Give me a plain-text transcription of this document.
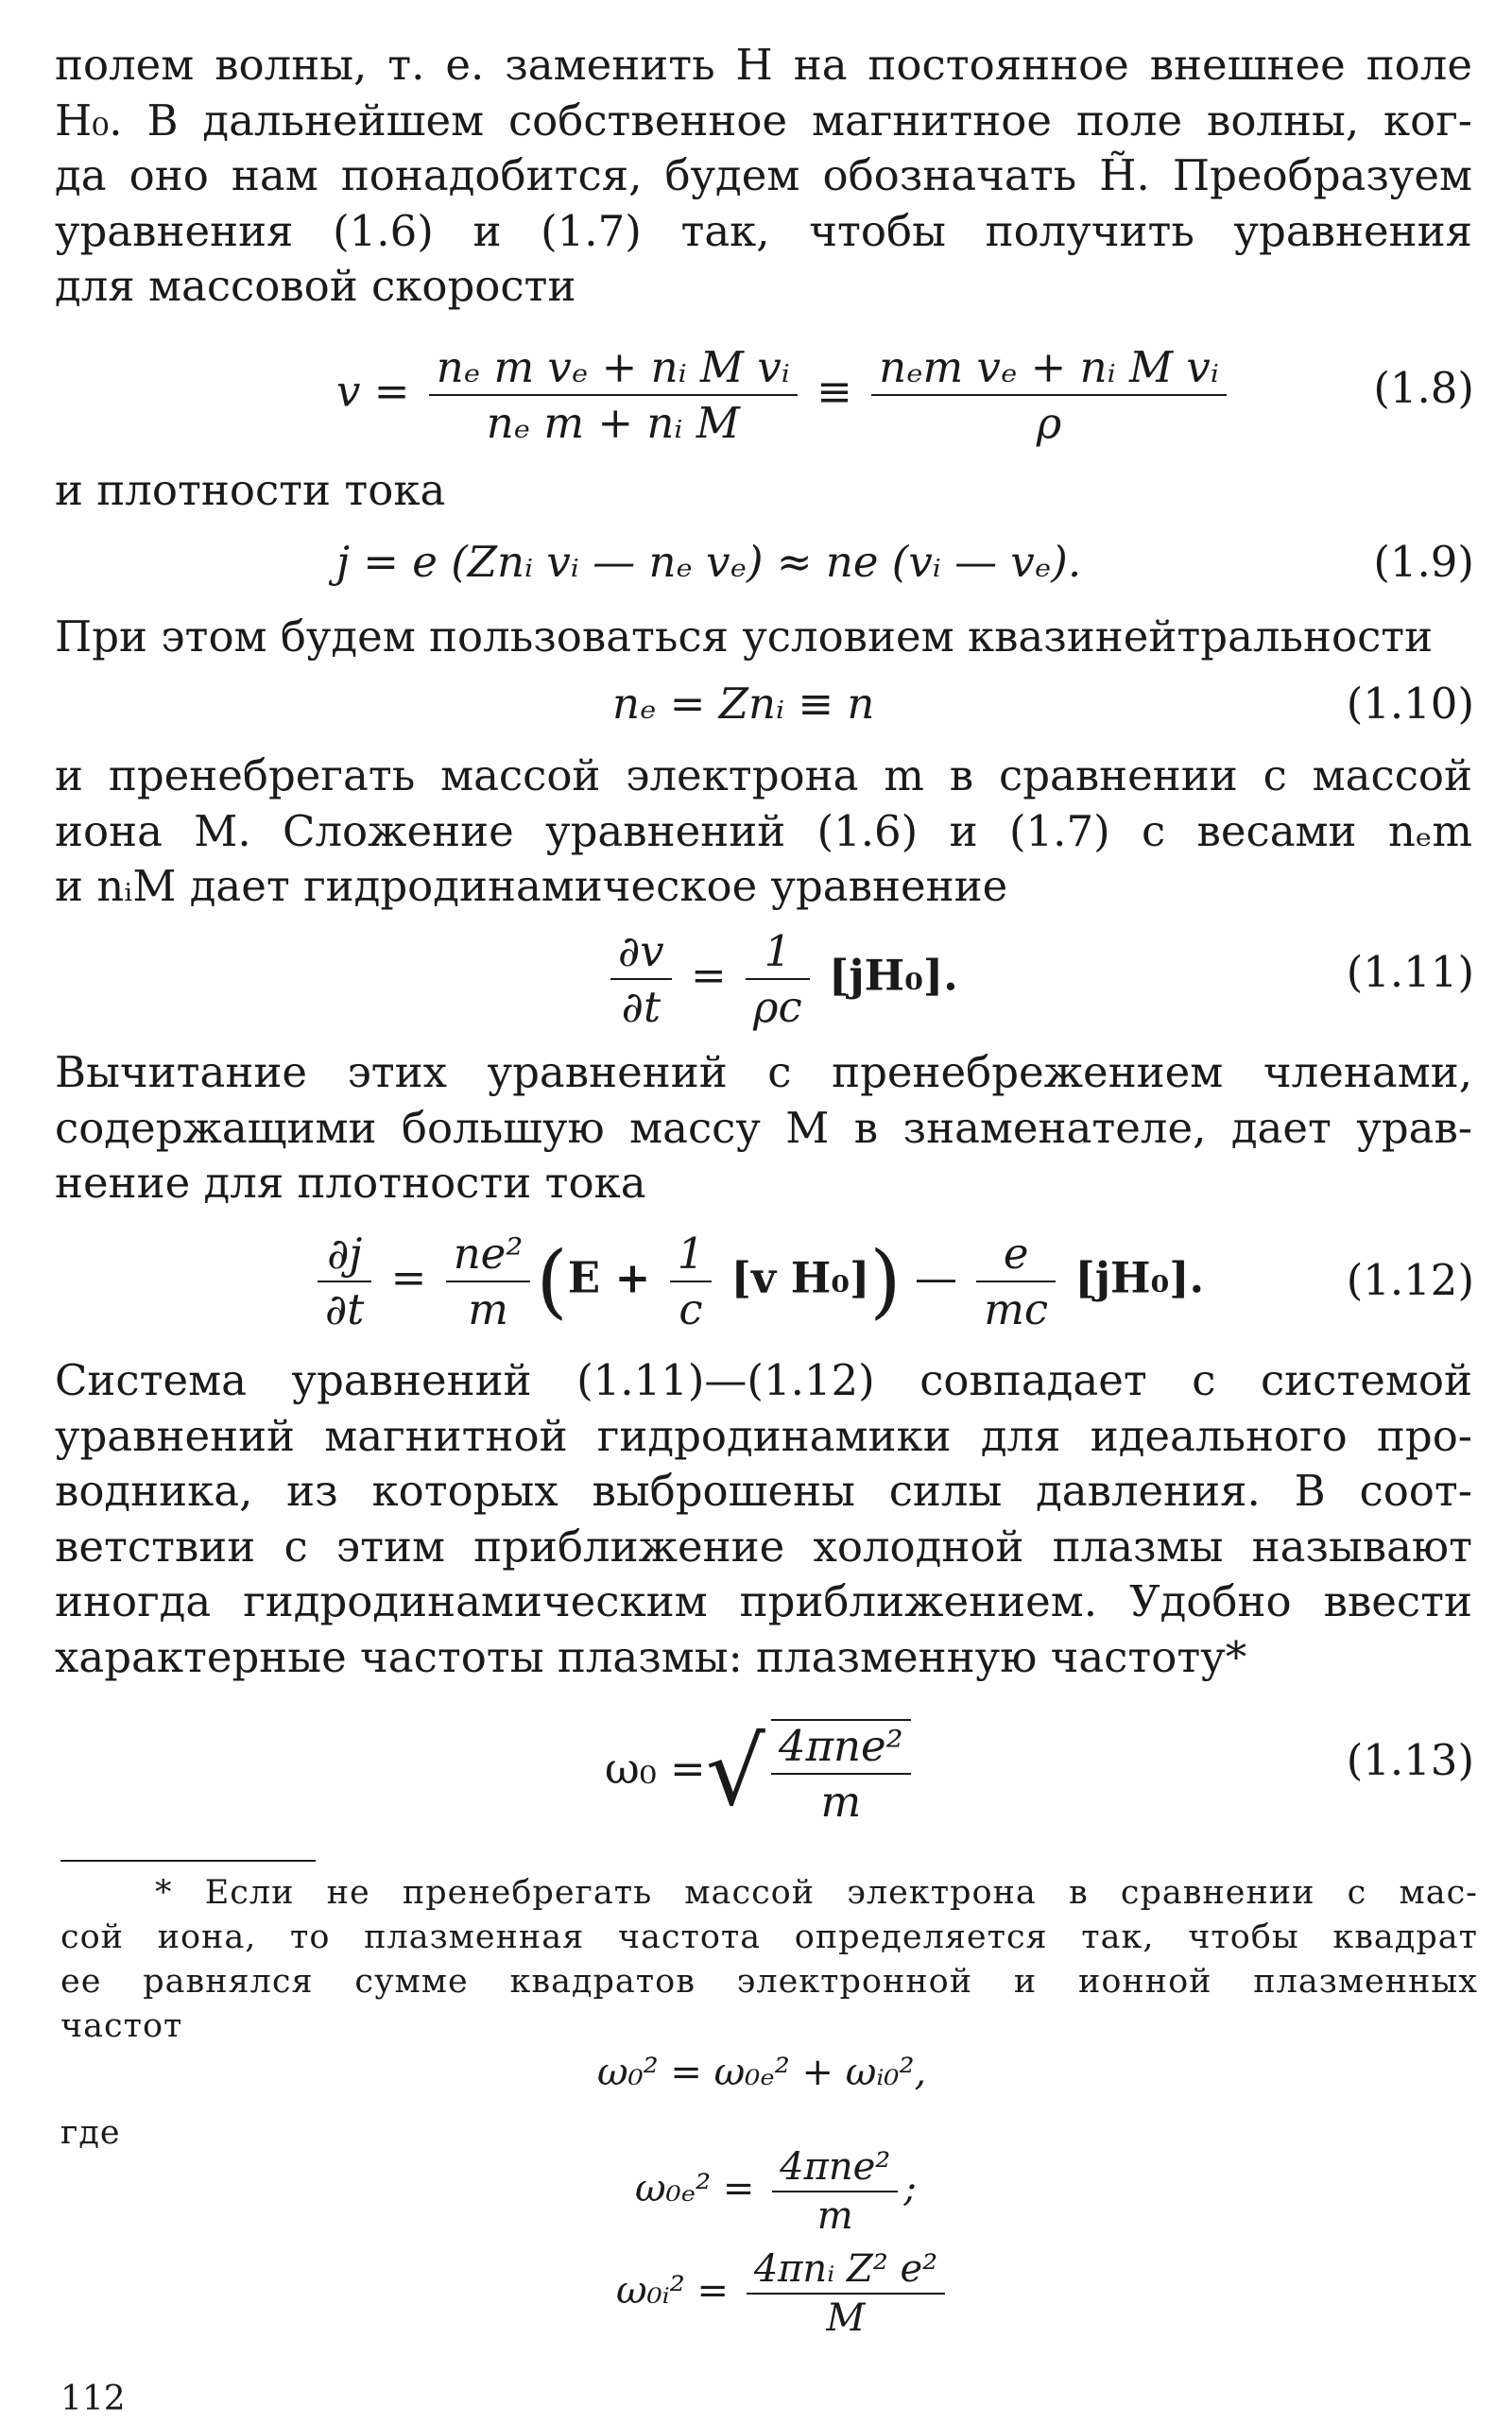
полем волны, т. е. заменить H на постоянное внешнее поле
H₀. В дальнейшем собственное магнитное поле волны, ког-
да оно нам понадобится, будем обозначать H̃. Преобразуем
уравнения (1.6) и (1.7) так, чтобы получить уравнения
для массовой скорости
$v = \frac{\text{nₑ m vₑ + nᵢ M vᵢ}}{\text{nₑ m + nᵢ M}} \equiv \frac{\text{nₑm vₑ + nᵢ M vᵢ}}{\rho}$	(1.8)
и плотности тока
j = e (Znᵢ vᵢ — nₑ vₑ) ≈ ne (vᵢ — vₑ).	(1.9)
При этом будем пользоваться условием квазинейтральности
nₑ = Znᵢ ≡ n	(1.10)
и пренебрегать массой электрона m в сравнении с массой
иона M. Сложение уравнений (1.6) и (1.7) с весами nₑm
и nᵢM дает гидродинамическое уравнение
$\frac{\partial v}{\partial t} = \frac{1}{\rho c} [jH_0]$.	(1.11)
Вычитание этих уравнений с пренебрежением членами,
содержащими большую массу M в знаменателе, дает урав-
нение для плотности тока
$\frac{\partial j}{\partial t} = \frac{\text{ne²}}{m} (E + \frac{1}{c} [v$ H₀]) — $\frac{e}{mc} [jH_0]$.	(1.12)
Система уравнений (1.11)—(1.12) совпадает с системой
уравнений магнитной гидродинамики для идеального про-
водника, из которых выброшены силы давления. В соот-
ветствии с этим приближение холодной плазмы называют
иногда гидродинамическим приближением. Удобно ввести
характерные частоты плазмы: плазменную частоту*
ω₀ =√ $\frac{\text{4πne²}}{m}$	(1.13)
* Если не пренебрегать массой электрона в сравнении с мас-
сой иона, то плазменная частота определяется так, чтобы квадрат
ее равнялся сумме квадратов электронной и ионной плазменных
частот
ω₀² = ω₀ₑ² + ωᵢ₀²,
где
$\omega_{0e}^2 = \frac{\text{4πne²}}{m}$ ;
ω₀ᵢ² = $\frac{\text{4πnᵢ Z² e²}}{M}$
112
